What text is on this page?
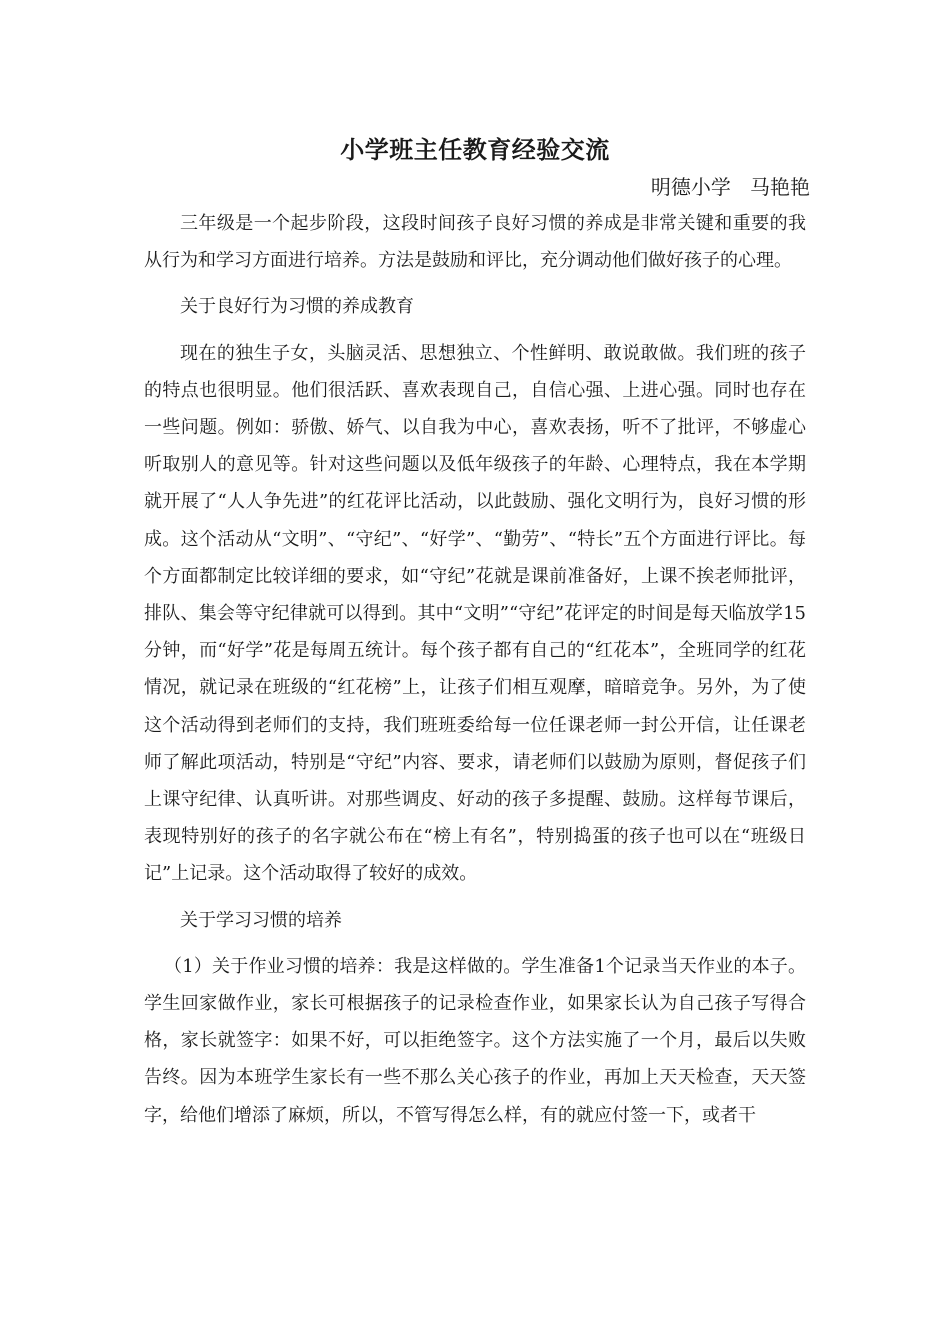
小学班主任教育经验交流
明德小学   马艳艳

三年级是一个起步阶段，这段时间孩子良好习惯的养成是非常关键和重要的我从行为和学习方面进行培养。方法是鼓励和评比，充分调动他们做好孩子的心理。

关于良好行为习惯的养成教育

现在的独生子女，头脑灵活、思想独立、个性鲜明、敢说敢做。我们班的孩子的特点也很明显。他们很活跃、喜欢表现自己，自信心强、上进心强。同时也存在一些问题。例如：骄傲、娇气、以自我为中心，喜欢表扬，听不了批评，不够虚心听取别人的意见等。针对这些问题以及低年级孩子的年龄、心理特点，我在本学期就开展了“人人争先进”的红花评比活动，以此鼓励、强化文明行为，良好习惯的形成。这个活动从“文明”、“守纪”、“好学”、“勤劳”、“特长”五个方面进行评比。每个方面都制定比较详细的要求，如“守纪”花就是课前准备好，上课不挨老师批评，排队、集会等守纪律就可以得到。其中“文明”“守纪”花评定的时间是每天临放学15分钟，而“好学”花是每周五统计。每个孩子都有自己的“红花本”，全班同学的红花情况，就记录在班级的“红花榜”上，让孩子们相互观摩，暗暗竞争。另外，为了使这个活动得到老师们的支持，我们班班委给每一位任课老师一封公开信，让任课老师了解此项活动，特别是“守纪”内容、要求，请老师们以鼓励为原则，督促孩子们上课守纪律、认真听讲。对那些调皮、好动的孩子多提醒、鼓励。这样每节课后，表现特别好的孩子的名字就公布在“榜上有名”，特别捣蛋的孩子也可以在“班级日记”上记录。这个活动取得了较好的成效。

关于学习习惯的培养

（1）关于作业习惯的培养：我是这样做的。学生准备1个记录当天作业的本子。学生回家做作业，家长可根据孩子的记录检查作业，如果家长认为自己孩子写得合格，家长就签字：如果不好，可以拒绝签字。这个方法实施了一个月，最后以失败告终。因为本班学生家长有一些不那么关心孩子的作业，再加上天天检查，天天签字，给他们增添了麻烦，所以，不管写得怎么样，有的就应付签一下，或者干
